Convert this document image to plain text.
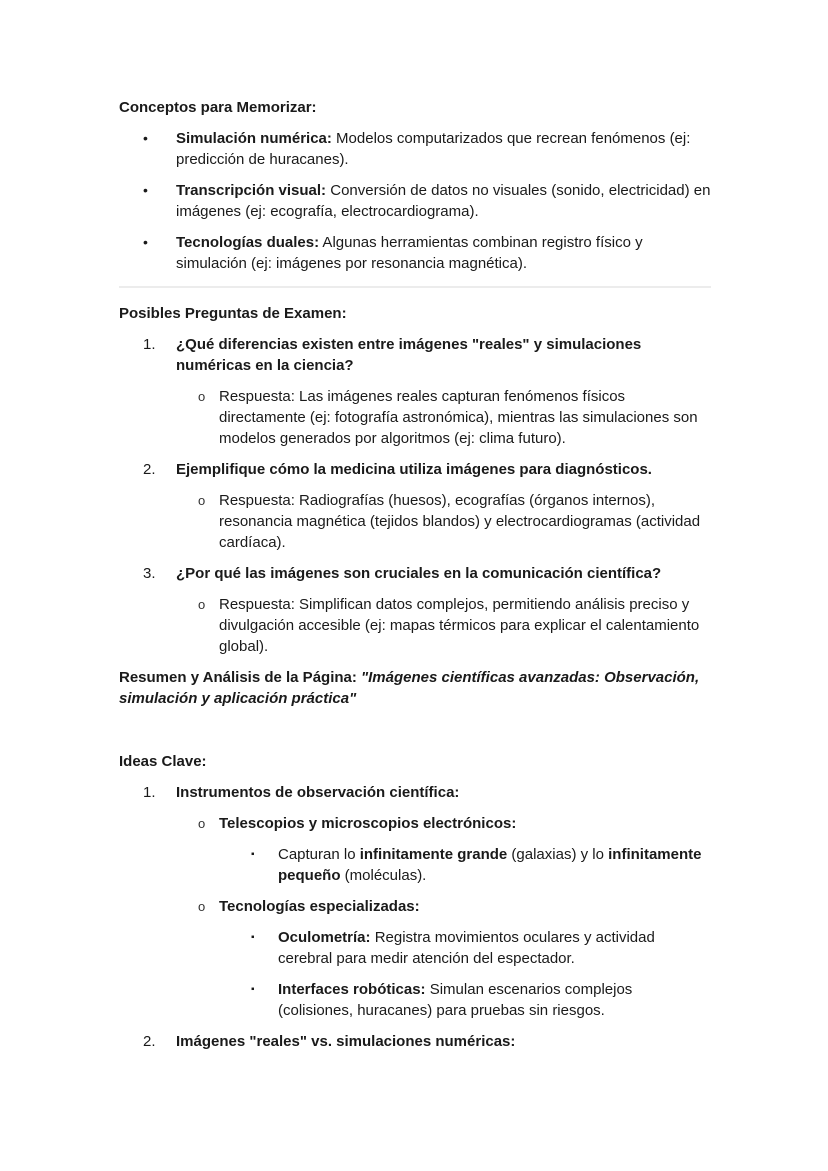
Conceptos para Memorizar:

•	Simulación numérica: Modelos computarizados que recrean fenómenos (ej: predicción de huracanes).
•	Transcripción visual: Conversión de datos no visuales (sonido, electricidad) en imágenes (ej: ecografía, electrocardiograma).
•	Tecnologías duales: Algunas herramientas combinan registro físico y simulación (ej: imágenes por resonancia magnética).

Posibles Preguntas de Examen:

1.	¿Qué diferencias existen entre imágenes "reales" y simulaciones numéricas en la ciencia?
o Respuesta: Las imágenes reales capturan fenómenos físicos directamente (ej: fotografía astronómica), mientras las simulaciones son modelos generados por algoritmos (ej: clima futuro).
2.	Ejemplifique cómo la medicina utiliza imágenes para diagnósticos.
o Respuesta: Radiografías (huesos), ecografías (órganos internos), resonancia magnética (tejidos blandos) y electrocardiogramas (actividad cardíaca).
3.	¿Por qué las imágenes son cruciales en la comunicación científica?
o Respuesta: Simplifican datos complejos, permitiendo análisis preciso y divulgación accesible (ej: mapas térmicos para explicar el calentamiento global).

Resumen y Análisis de la Página: "Imágenes científicas avanzadas: Observación, simulación y aplicación práctica"

Ideas Clave:

1.	Instrumentos de observación científica:
o Telescopios y microscopios electrónicos:
▪	Capturan lo infinitamente grande (galaxias) y lo infinitamente pequeño (moléculas).
o Tecnologías especializadas:
▪	Oculometría: Registra movimientos oculares y actividad cerebral para medir atención del espectador.
▪	Interfaces robóticas: Simulan escenarios complejos (colisiones, huracanes) para pruebas sin riesgos.
2.	Imágenes "reales" vs. simulaciones numéricas:
